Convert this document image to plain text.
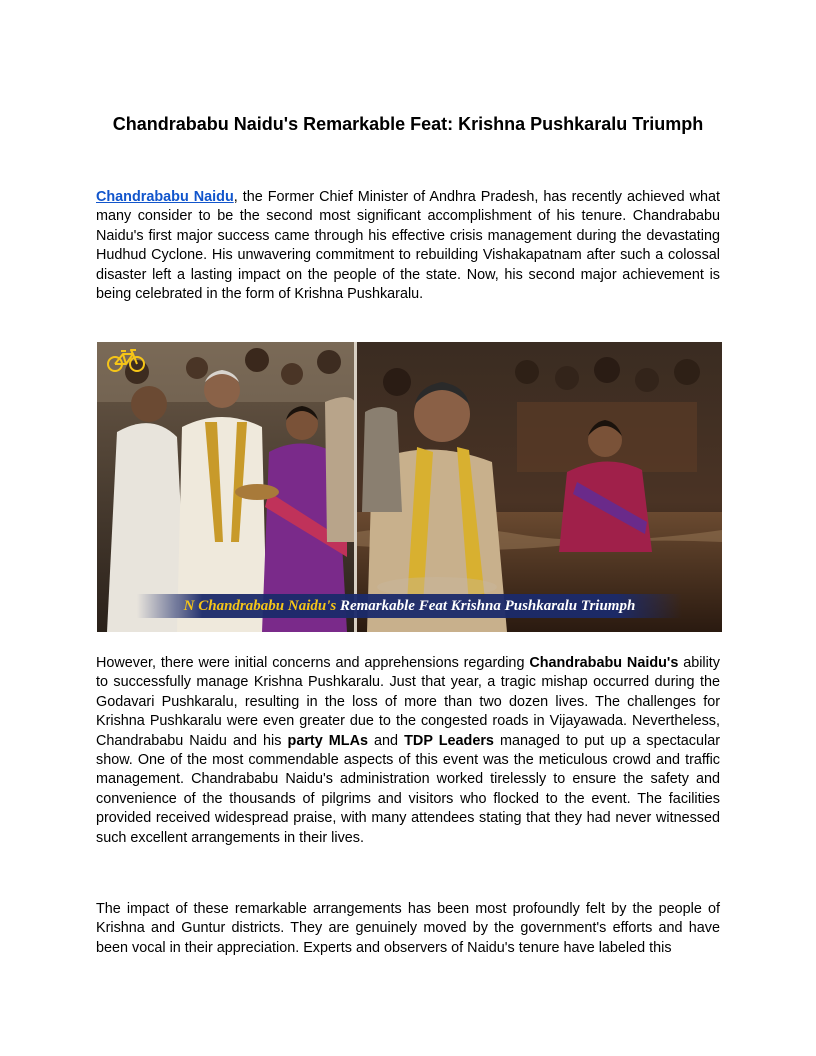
Chandrababu Naidu's Remarkable Feat: Krishna Pushkaralu Triumph

Chandrababu Naidu, the Former Chief Minister of Andhra Pradesh, has recently achieved what many consider to be the second most significant accomplishment of his tenure. Chandrababu Naidu's first major success came through his effective crisis management during the devastating Hudhud Cyclone. His unwavering commitment to rebuilding Vishakapatnam after such a colossal disaster left a lasting impact on the people of the state. Now, his second major achievement is being celebrated in the form of Krishna Pushkaralu.

N Chandrababu Naidu's Remarkable Feat Krishna Pushkaralu Triumph

However, there were initial concerns and apprehensions regarding Chandrababu Naidu's ability to successfully manage Krishna Pushkaralu. Just that year, a tragic mishap occurred during the Godavari Pushkaralu, resulting in the loss of more than two dozen lives. The challenges for Krishna Pushkaralu were even greater due to the congested roads in Vijayawada. Nevertheless, Chandrababu Naidu and his party MLAs and TDP Leaders managed to put up a spectacular show. One of the most commendable aspects of this event was the meticulous crowd and traffic management. Chandrababu Naidu's administration worked tirelessly to ensure the safety and convenience of the thousands of pilgrims and visitors who flocked to the event. The facilities provided received widespread praise, with many attendees stating that they had never witnessed such excellent arrangements in their lives.

The impact of these remarkable arrangements has been most profoundly felt by the people of Krishna and Guntur districts. They are genuinely moved by the government's efforts and have been vocal in their appreciation. Experts and observers of Naidu's tenure have labeled this
